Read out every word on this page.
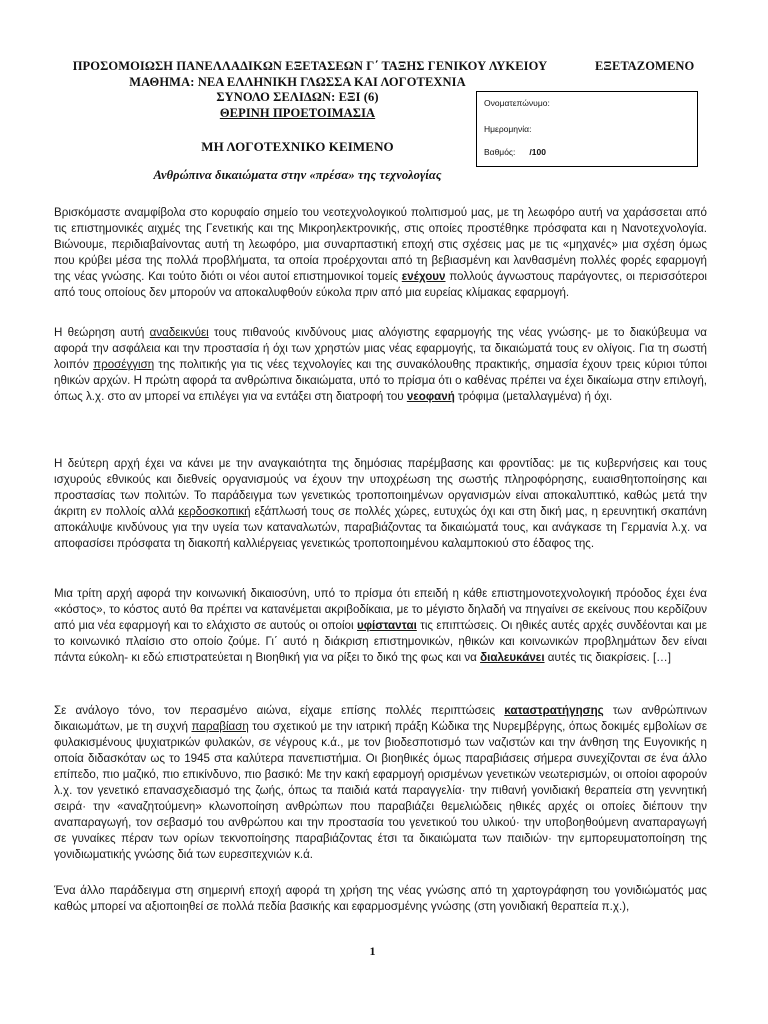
ΠΡΟΣΟΜΟΙΩΣΗ ΠΑΝΕΛΛΑΔΙΚΩΝ ΕΞΕΤΑΣΕΩΝ Γ΄ ΤΑΞΗΣ ΓΕΝΙΚΟΥ ΛΥΚΕΙΟΥ	ΕΞΕΤΑΖΟΜΕΝΟ
ΜΑΘΗΜΑ: ΝΕΑ ΕΛΛΗΝΙΚΗ ΓΛΩΣΣΑ ΚΑΙ ΛΟΓΟΤΕΧΝΙΑ
ΣΥΝΟΛΟ ΣΕΛΙΔΩΝ: ΕΞΙ (6)
ΘΕΡΙΝΗ ΠΡΟΕΤΟΙΜΑΣΙΑ
ΜΗ ΛΟΓΟΤΕΧΝΙΚΟ ΚΕΙΜΕΝΟ
Ανθρώπινα δικαιώματα στην «πρέσα» της τεχνολογίας
Ονοματεπώνυμο:
Ημερομηνία:
Βαθμός: /100

Βρισκόμαστε αναμφίβολα στο κορυφαίο σημείο του νεοτεχνολογικού πολιτισμού μας, με τη λεωφόρο αυτή να χαράσσεται από τις επιστημονικές αιχμές της Γενετικής και της Μικροηλεκτρονικής, στις οποίες προστέθηκε πρόσφατα και η Νανοτεχνολογία. Βιώνουμε, περιδιαβαίνοντας αυτή τη λεωφόρο, μια συναρπαστική εποχή στις σχέσεις μας με τις «μηχανές» μια σχέση όμως που κρύβει μέσα της πολλά προβλήματα, τα οποία προέρχονται από τη βεβιασμένη και λανθασμένη πολλές φορές εφαρμογή της νέας γνώσης. Και τούτο διότι οι νέοι αυτοί επιστημονικοί τομείς ενέχουν πολλούς άγνωστους παράγοντες, οι περισσότεροι από τους οποίους δεν μπορούν να αποκαλυφθούν εύκολα πριν από μια ευρείας κλίμακας εφαρμογή.

Η θεώρηση αυτή αναδεικνύει τους πιθανούς κινδύνους μιας αλόγιστης εφαρμογής της νέας γνώσης- με το διακύβευμα να αφορά την ασφάλεια και την προστασία ή όχι των χρηστών μιας νέας εφαρμογής, τα δικαιώματά τους εν ολίγοις. Για τη σωστή λοιπόν προσέγγιση της πολιτικής για τις νέες τεχνολογίες και της συνακόλουθης πρακτικής, σημασία έχουν τρεις κύριοι τύποι ηθικών αρχών. Η πρώτη αφορά τα ανθρώπινα δικαιώματα, υπό το πρίσμα ότι ο καθένας πρέπει να έχει δικαίωμα στην επιλογή, όπως λ.χ. στο αν μπορεί να επιλέγει για να εντάξει στη διατροφή του νεοφανή τρόφιμα (μεταλλαγμένα) ή όχι.

Η δεύτερη αρχή έχει να κάνει με την αναγκαιότητα της δημόσιας παρέμβασης και φροντίδας: με τις κυβερνήσεις και τους ισχυρούς εθνικούς και διεθνείς οργανισμούς να έχουν την υποχρέωση της σωστής πληροφόρησης, ευαισθητοποίησης και προστασίας των πολιτών. Το παράδειγμα των γενετικώς τροποποιημένων οργανισμών είναι αποκαλυπτικό, καθώς μετά την άκριτη εν πολλοίς αλλά κερδοσκοπική εξάπλωσή τους σε πολλές χώρες, ευτυχώς όχι και στη δική μας, η ερευνητική σκαπάνη αποκάλυψε κινδύνους για την υγεία των καταναλωτών, παραβιάζοντας τα δικαιώματά τους, και ανάγκασε τη Γερμανία λ.χ. να αποφασίσει πρόσφατα τη διακοπή καλλιέργειας γενετικώς τροποποιημένου καλαμποκιού στο έδαφος της.

Μια τρίτη αρχή αφορά την κοινωνική δικαιοσύνη, υπό το πρίσμα ότι επειδή η κάθε επιστημονοτεχνολογική πρόοδος έχει ένα «κόστος», το κόστος αυτό θα πρέπει να κατανέμεται ακριβοδίκαια, με το μέγιστο δηλαδή να πηγαίνει σε εκείνους που κερδίζουν από μια νέα εφαρμογή και το ελάχιστο σε αυτούς οι οποίοι υφίστανται τις επιπτώσεις. Οι ηθικές αυτές αρχές συνδέονται και με το κοινωνικό πλαίσιο στο οποίο ζούμε. Γι΄ αυτό η διάκριση επιστημονικών, ηθικών και κοινωνικών προβλημάτων δεν είναι πάντα εύκολη- κι εδώ επιστρατεύεται η Βιοηθική για να ρίξει το δικό της φως και να διαλευκάνει αυτές τις διακρίσεις. […]

Σε ανάλογο τόνο, τον περασμένο αιώνα, είχαμε επίσης πολλές περιπτώσεις καταστρατήγησης των ανθρώπινων δικαιωμάτων, με τη συχνή παραβίαση του σχετικού με την ιατρική πράξη Κώδικα της Νυρεμβέργης, όπως δοκιμές εμβολίων σε φυλακισμένους ψυχιατρικών φυλακών, σε νέγρους κ.ά., με τον βιοδεσποτισμό των ναζιστών και την άνθηση της Ευγονικής η οποία διδασκόταν ως το 1945 στα καλύτερα πανεπιστήμια. Οι βιοηθικές όμως παραβιάσεις σήμερα συνεχίζονται σε ένα άλλο επίπεδο, πιο μαζικό, πιο επικίνδυνο, πιο βασικό: Με την κακή εφαρμογή ορισμένων γενετικών νεωτερισμών, οι οποίοι αφορούν λ.χ. τον γενετικό επανασχεδιασμό της ζωής, όπως τα παιδιά κατά παραγγελία· την πιθανή γονιδιακή θεραπεία στη γεννητική σειρά· την «αναζητούμενη» κλωνοποίηση ανθρώπων που παραβιάζει θεμελιώδεις ηθικές αρχές οι οποίες διέπουν την αναπαραγωγή, τον σεβασμό του ανθρώπου και την προστασία του γενετικού του υλικού· την υποβοηθούμενη αναπαραγωγή σε γυναίκες πέραν των ορίων τεκνοποίησης παραβιάζοντας έτσι τα δικαιώματα των παιδιών· την εμπορευματοποίηση της γονιδιωματικής γνώσης διά των ευρεσιτεχνιών κ.ά.

Ένα άλλο παράδειγμα στη σημερινή εποχή αφορά τη χρήση της νέας γνώσης από τη χαρτογράφηση του γονιδιώματός μας καθώς μπορεί να αξιοποιηθεί σε πολλά πεδία βασικής και εφαρμοσμένης γνώσης (στη γονιδιακή θεραπεία π.χ.),

1
